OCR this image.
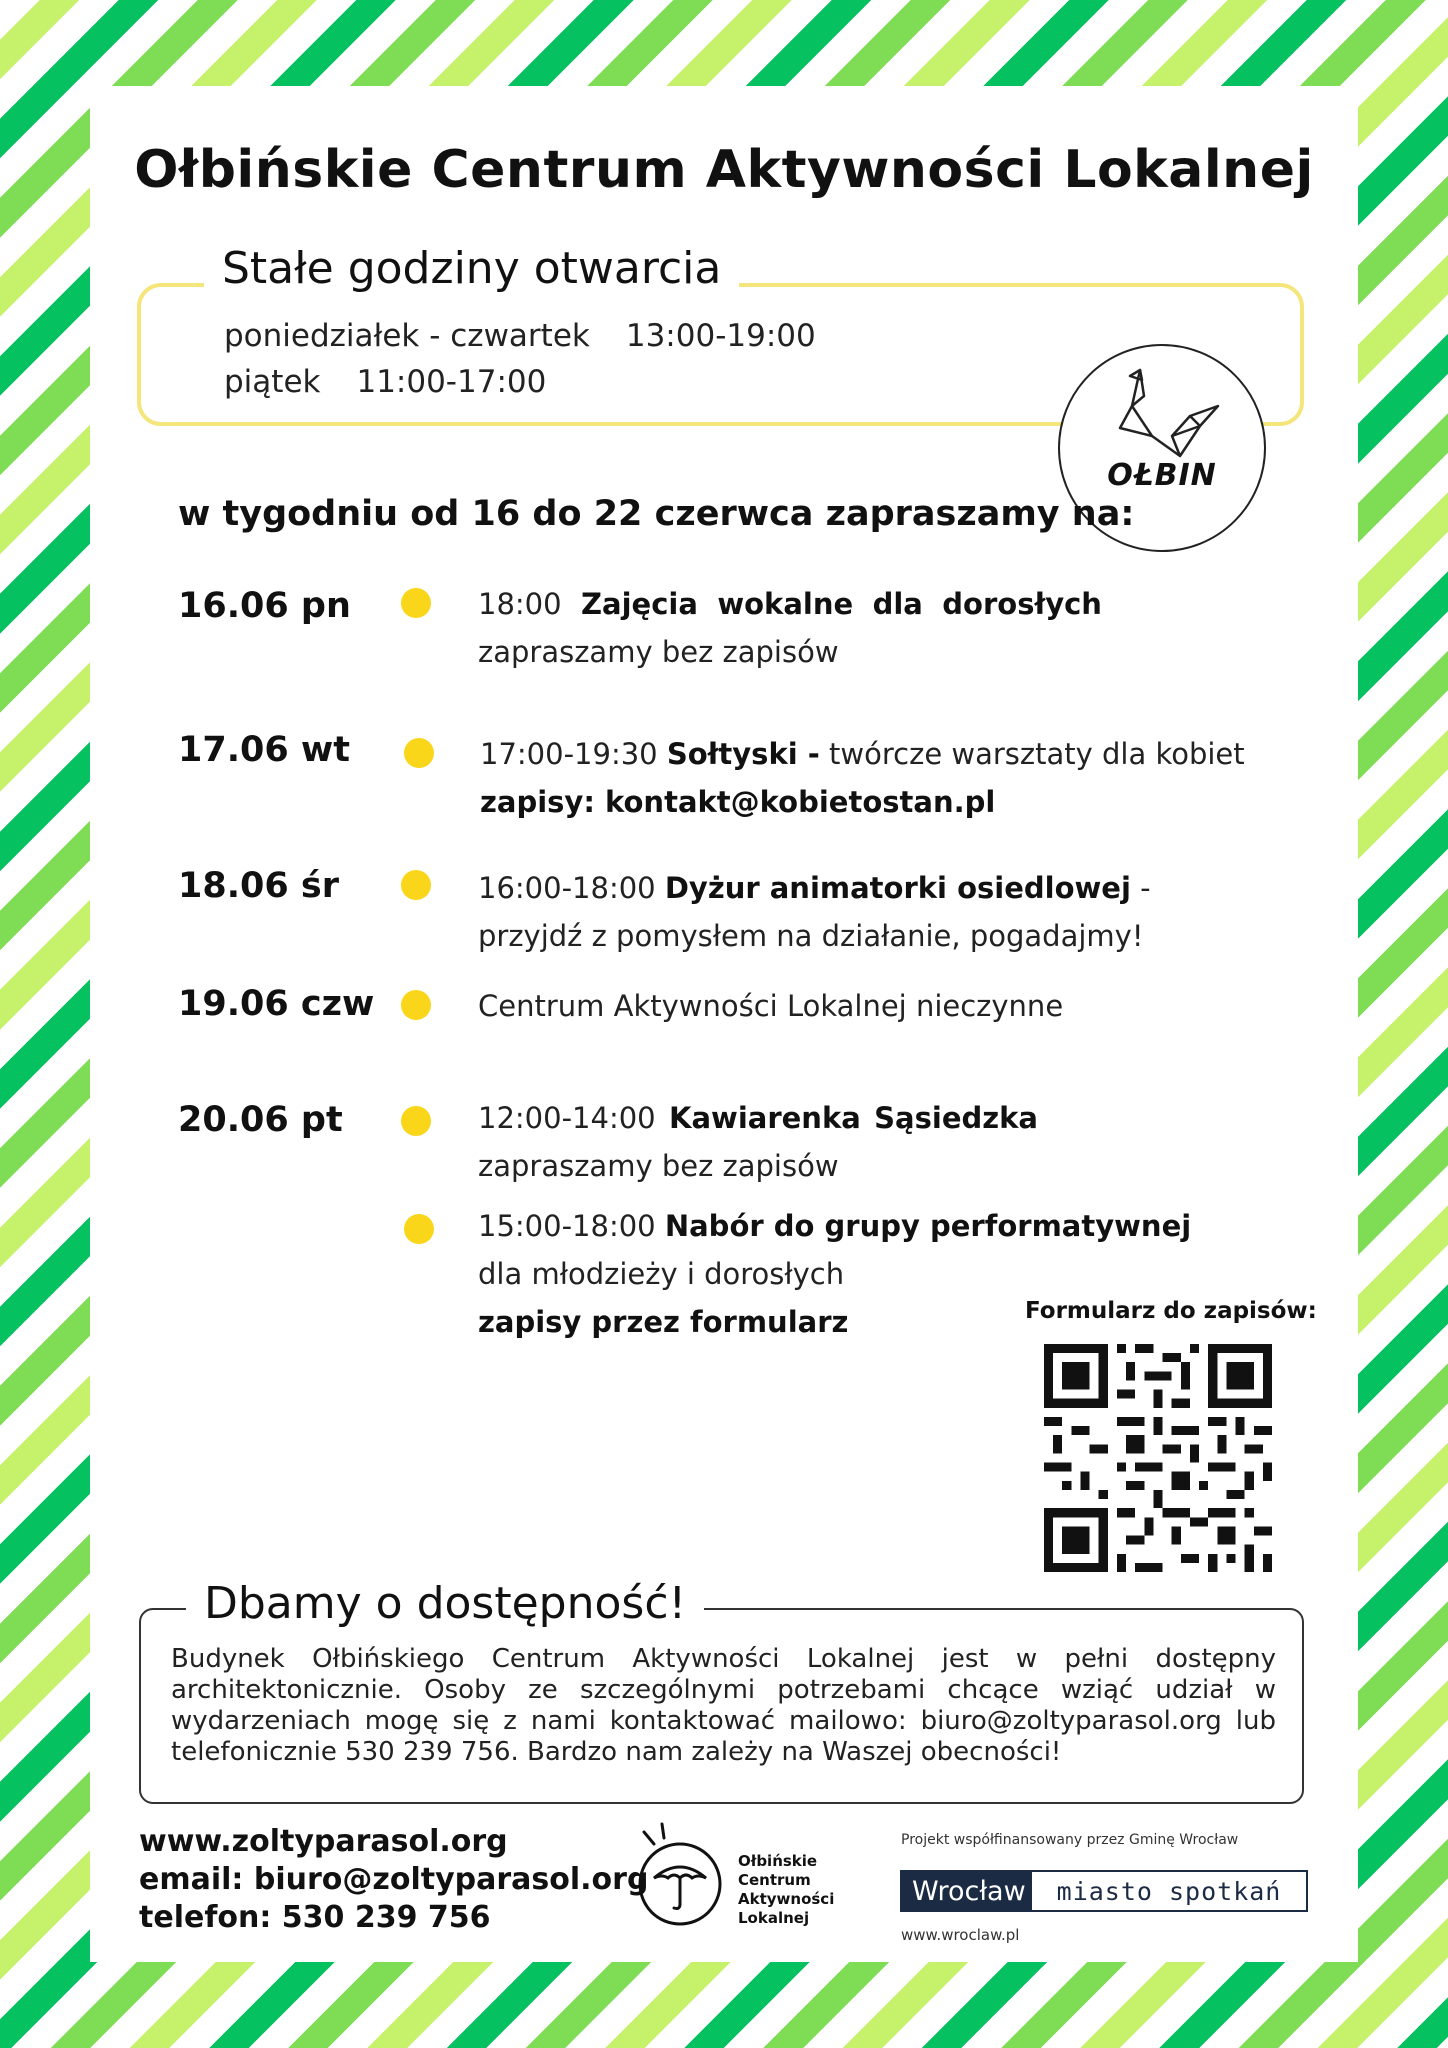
Ołbińskie Centrum Aktywności Lokalnej
Stałe godziny otwarcia
poniedziałek - czwartek 13:00-19:00
piątek 11:00-17:00
OŁBIN
w tygodniu od 16 do 22 czerwca zapraszamy na:
16.06 pn	18:00 Zajęcia wokalne dla dorosłych
zapraszamy bez zapisów
17.06 wt	17:00-19:30 Sołtyski - twórcze warsztaty dla kobiet
zapisy: kontakt@kobietostan.pl
18.06 śr	16:00-18:00 Dyżur animatorki osiedlowej -
przyjdź z pomysłem na działanie, pogadajmy!
19.06 czw	Centrum Aktywności Lokalnej nieczynne
20.06 pt	12:00-14:00 Kawiarenka Sąsiedzka
zapraszamy bez zapisów
15:00-18:00 Nabór do grupy performatywnej
dla młodzieży i dorosłych
zapisy przez formularz	Formularz do zapisów:
Dbamy o dostępność!
Budynek Ołbińskiego Centrum Aktywności Lokalnej jest w pełni dostępny architektonicznie. Osoby ze szczególnymi potrzebami chcące wziąć udział w wydarzeniach mogę się z nami kontaktować mailowo: biuro@zoltyparasol.org lub telefonicznie 530 239 756. Bardzo nam zależy na Waszej obecności!
www.zoltyparasol.org
email: biuro@zoltyparasol.org
telefon: 530 239 756
Ołbińskie
Centrum
Aktywności
Lokalnej
Projekt współfinansowany przez Gminę Wrocław
Wrocław	miasto spotkań
www.wroclaw.pl
